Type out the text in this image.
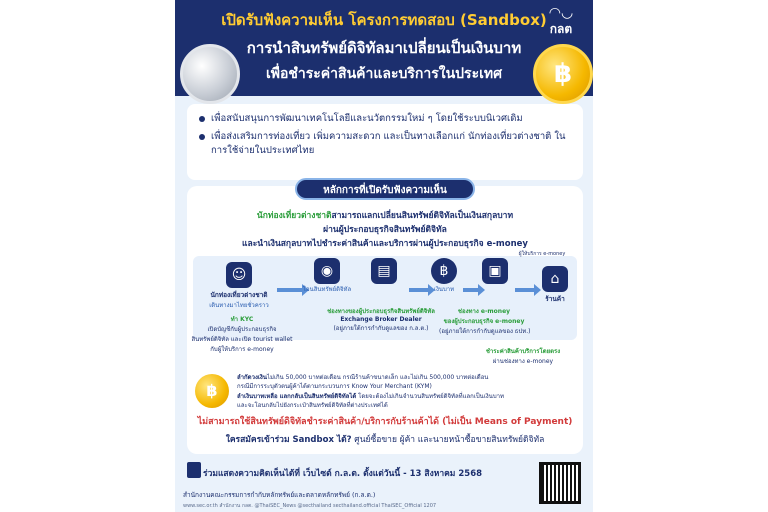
฿
เปิดรับฟังความเห็น โครงการทดสอบ (Sandbox)
การนำสินทรัพย์ดิจิทัลมาเปลี่ยนเป็นเงินบาท
เพื่อชำระค่าสินค้าและบริการในประเทศ
◠◡
กลต
เพื่อสนับสนุนการพัฒนาเทคโนโลยีและนวัตกรรมใหม่ ๆ โดยใช้ระบบนิเวศเดิม
เพื่อส่งเสริมการท่องเที่ยว เพิ่มความสะดวก และเป็นทางเลือกแก่ นักท่องเที่ยวต่างชาติ ในการใช้จ่ายในประเทศไทย
หลักการที่เปิดรับฟังความเห็น
นักท่องเที่ยวต่างชาติสามารถแลกเปลี่ยนสินทรัพย์ดิจิทัลเป็นเงินสกุลบาท
ผ่านผู้ประกอบธุรกิจสินทรัพย์ดิจิทัล
และนำเงินสกุลบาทไปชำระค่าสินค้าและบริการผ่านผู้ประกอบธุรกิจ e-money
☺
นักท่องเที่ยวต่างชาติ
เดินทางมาไทยชั่วคราว
◉
โอนสินทรัพย์ดิจิทัล
▤	฿
เงินบาท
▣	⌂
ร้านค้า
ช่องทางของผู้ประกอบธุรกิจสินทรัพย์ดิจิทัล
Exchange Broker Dealer
(อยู่ภายใต้การกำกับดูแลของ ก.ล.ต.)
ช่องทาง e-money
ของผู้ประกอบธุรกิจ e-money
(อยู่ภายใต้การกำกับดูแลของ ธปท.)
ผู้ให้บริการ e-money
ทำ KYC
เปิดบัญชีกับผู้ประกอบธุรกิจ
สินทรัพย์ดิจิทัล และเปิด tourist wallet
กับผู้ให้บริการ e-money	ชำระค่าสินค้าบริการโดยตรง
ผ่านช่องทาง e-money
฿
ลำกัดวงเงินไม่เกิน 50,000 บาทต่อเดือน กรณีร้านค้าขนาดเล็ก และไม่เกิน 500,000 บาทต่อเดือน
กรณีมีการระบุตัวตนผู้ค้าได้ตามกระบวนการ Know Your Merchant (KYM)
ลำเงินบาทเหลือ แลกกลับเป็นสินทรัพย์ดิจิทัลได้ โดยจะต้องไม่เกินจำนวนสินทรัพย์ดิจิทัลที่แลกเป็นเงินบาท
และจะโอนกลับไปยังกระเป๋าสินทรัพย์ดิจิทัลที่ต่างประเทศได้
ไม่สามารถใช้สินทรัพย์ดิจิทัลชำระค่าสินค้า/บริการกับร้านค้าได้ (ไม่เป็น Means of Payment)
ใครสมัครเข้าร่วม Sandbox ได้? ศูนย์ซื้อขาย ผู้ค้า และนายหน้าซื้อขายสินทรัพย์ดิจิทัล
ร่วมแสดงความคิดเห็นได้ที่ เว็บไซต์ ก.ล.ต. ตั้งแต่วันนี้ - 13 สิงหาคม 2568
สำนักงานคณะกรรมการกำกับหลักทรัพย์และตลาดหลักทรัพย์ (ก.ล.ต.)
www.sec.or.th สำนักงาน กลต. @ThaiSEC_News @secthailand secthailand.official ThaiSEC_Official 1207
